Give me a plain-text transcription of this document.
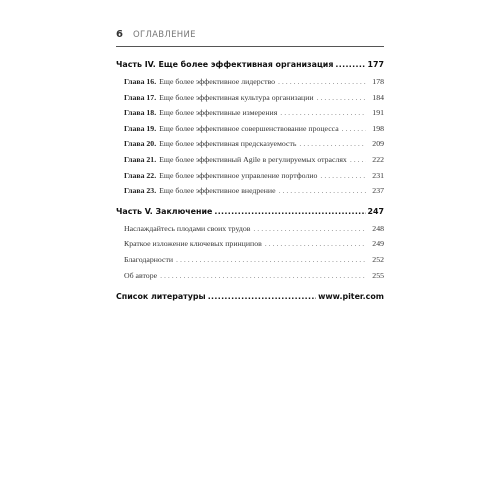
6 ОГЛАВЛЕНИЕ
Часть IV. Еще более эффективная организация . . .	177
Глава 16. Еще более эффективное лидерство . . .	178
Глава 17. Еще более эффективная культура организации . . .	184
Глава 18. Еще более эффективные измерения . . .	191
Глава 19. Еще более эффективное совершенствование процесса . . .	198
Глава 20. Еще более эффективная предсказуемость . . .	209
Глава 21. Еще более эффективный Agile в регулируемых отраслях . . .	222
Глава 22. Еще более эффективное управление портфолио . . .	231
Глава 23. Еще более эффективное внедрение . . .	237
Часть V. Заключение . . .	247
Наслаждайтесь плодами своих трудов . . .	248
Краткое изложение ключевых принципов . . .	249
Благодарности . . .	252
Об авторе . . .	255
Список литературы . . .	www.piter.com
